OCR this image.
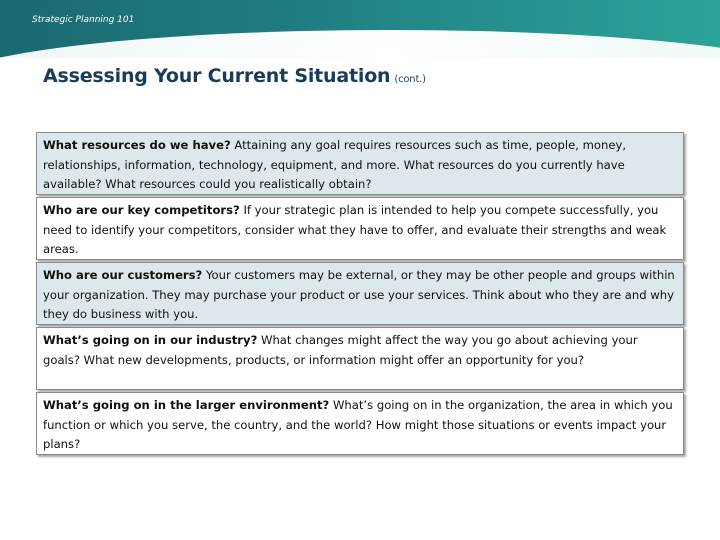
Strategic Planning 101
Assessing Your Current Situation (cont.)
What resources do we have? Attaining any goal requires resources such as time, people, money, relationships, information, technology, equipment, and more. What resources do you currently have available? What resources could you realistically obtain?
Who are our key competitors? If your strategic plan is intended to help you compete successfully, you need to identify your competitors, consider what they have to offer, and evaluate their strengths and weak areas.
Who are our customers? Your customers may be external, or they may be other people and groups within your organization. They may purchase your product or use your services. Think about who they are and why they do business with you.
What’s going on in our industry? What changes might affect the way you go about achieving your goals? What new developments, products, or information might offer an opportunity for you?
What’s going on in the larger environment? What’s going on in the organization, the area in which you function or which you serve, the country, and the world? How might those situations or events impact your plans?
